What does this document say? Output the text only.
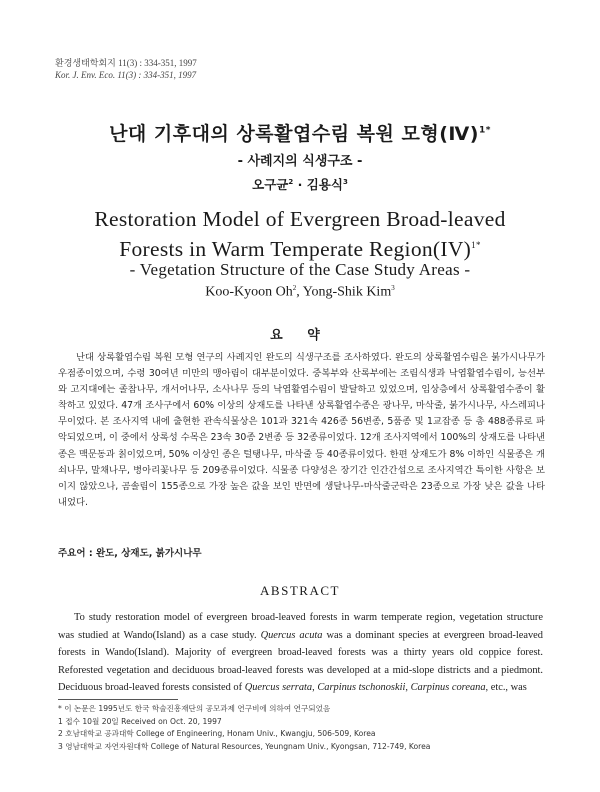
환경생태학회지 11(3) : 334-351, 1997
Kor. J. Env. Eco. 11(3) : 334-351, 1997
난대 기후대의 상록활엽수림 복원 모형(Ⅳ)$^{1*}$
- 사례지의 식생구조 -
오구균$^2$ · 김용식$^3$
Restoration Model of Evergreen Broad-leaved
Forests in Warm Temperate Region(IV)$^{1*}$
- Vegetation Structure of the Case Study Areas -
Koo-Kyoon Oh$^2$, Yong-Shik Kim$^3$
요 약

난대 상록활엽수림 복원 모형 연구의 사례지인 완도의 식생구조를 조사하였다. 완도의 상록활엽수림은 붉가시나무가 우점종이었으며, 수령 30여년 미만의 맹아림이 대부분이었다. 중복부와 산록부에는 조림식생과 낙엽활엽수림이, 능선부와 고지대에는 졸참나무, 개서어나무, 소사나무 등의 낙엽활엽수림이 발달하고 있었으며, 임상층에서 상록활엽수종이 활착하고 있었다. 47개 조사구에서 60% 이상의 상재도를 나타낸 상록활엽수종은 광나무, 마삭줄, 붉가시나무, 사스레피나무이었다. 본 조사지역 내에 출현한 관속식물상은 101과 321속 426종 56변종, 5품종 및 1교잡종 등 총 488종류로 파악되었으며, 이 중에서 상록성 수목은 23속 30종 2변종 등 32종류이었다. 12개 조사지역에서 100%의 상재도를 나타낸 종은 맥문동과 칡이었으며, 50% 이상인 종은 털탱나무, 마삭줄 등 40종류이었다. 한편 상재도가 8% 이하인 식물종은 개쇠나무, 말채나무, 병아리꽃나무 등 209종류이었다. 식물종 다양성은 장기간 인간간섭으로 조사지역간 특이한 사항은 보이지 않았으나, 곰솔림이 155종으로 가장 높은 값을 보인 반면에 생달나무-마삭줄군락은 23종으로 가장 낮은 값을 나타내었다.

주요어 : 완도, 상재도, 붉가시나무
ABSTRACT

To study restoration model of evergreen broad-leaved forests in warm temperate region, vegetation structure was studied at Wando(Island) as a case study. Quercus acuta was a dominant species at evergreen broad-leaved forests in Wando(Island). Majority of evergreen broad-leaved forests was a thirty years old coppice forest. Reforested vegetation and deciduous broad-leaved forests was developed at a mid-slope districts and a piedmont. Deciduous broad-leaved forests consisted of Quercus serrata, Carpinus tschonoskii, Carpinus coreana, etc., was

* 이 논문은 1995년도 한국 학술진흥재단의 공모과제 연구비에 의하여 연구되었음
1 접수 10월 20일 Received on Oct. 20, 1997
2 호남대학교 공과대학 College of Engineering, Honam Univ., Kwangju, 506-509, Korea
3 영남대학교 자연자원대학 College of Natural Resources, Yeungnam Univ., Kyongsan, 712-749, Korea
